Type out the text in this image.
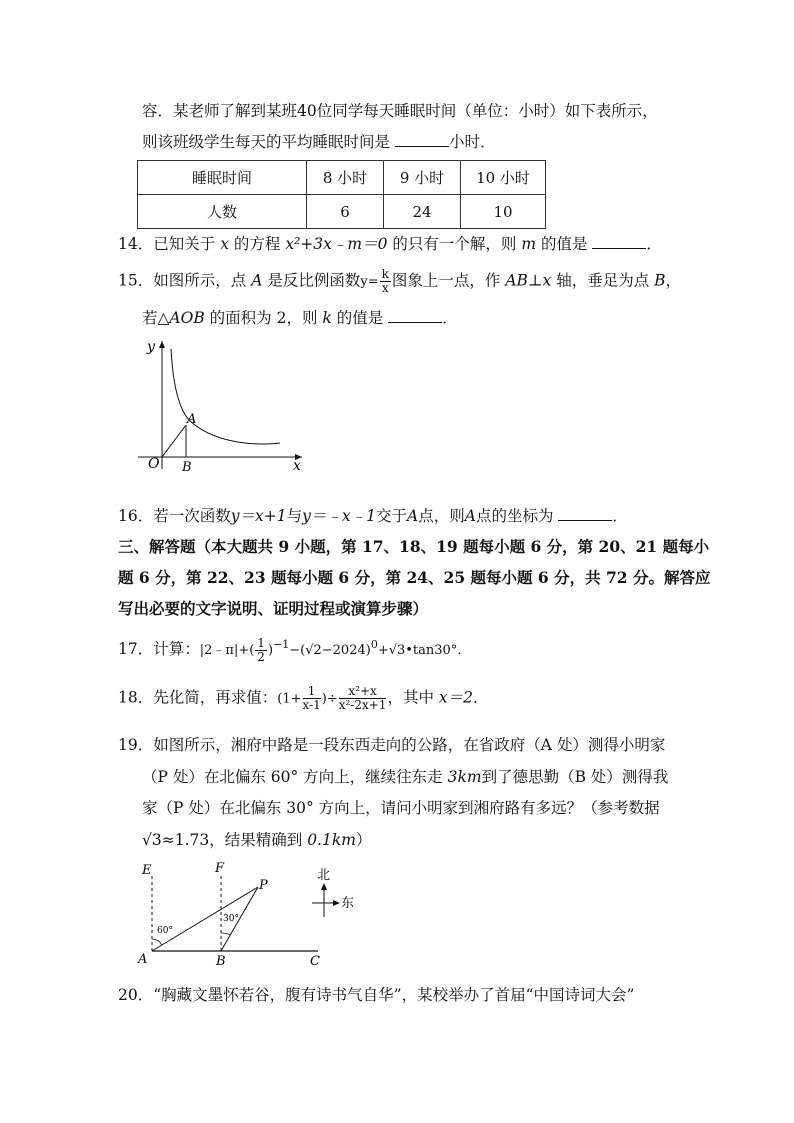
容．某老师了解到某班40位同学每天睡眠时间（单位：小时）如下表所示，
则该班级学生每天的平均睡眠时间是	小时．
睡眠时间	8 小时	9 小时	10 小时
人数	6	24	10
14．已知关于 x 的方程 x²+3x﹣m＝0 的只有一个解，则 m 的值是	．
15．如图所示，点 A 是反比例函数$y= \frac{k}{x}$ 图象上一点，作 AB⊥x 轴，垂足为点 B，
若△AOB 的面积为 2，则 k 的值是	．
y
x
O
A
B
16．若一次函数y＝x+1与y＝﹣x﹣1交于A点，则A点的坐标为	．
三、解答题（本大题共 9 小题，第 17、18、19 题每小题 6 分，第 20、21 题每小
题 6 分，第 22、23 题每小题 6 分，第 24、25 题每小题 6 分，共 72 分。解答应
写出必要的文字说明、证明过程或演算步骤）
17．计算：|2﹣π|+( $\frac{1}{2}$ )$^{-1}-(√2-2024)^0+√3•\tan 30^\circ$．
18．先化简，再求值：($1+ \frac{1}{x-1}$ )÷ $\frac{\text{x²+x}}{\text{x²-2x+1}}$ ，其中 x＝2．
19．如图所示，湘府中路是一段东西走向的公路，在省政府（A 处）测得小明家
（P 处）在北偏东 60° 方向上，继续往东走 3km到了德思勤（B 处）测得我
家（P 处）在北偏东 30° 方向上，请问小明家到湘府路有多远？（参考数据
√3≈1.73，结果精确到 0.1km）
E	F
P
A	B	C
60°
30°
北
东
20．“胸藏文墨怀若谷，腹有诗书气自华”，某校举办了首届“中国诗词大会”
